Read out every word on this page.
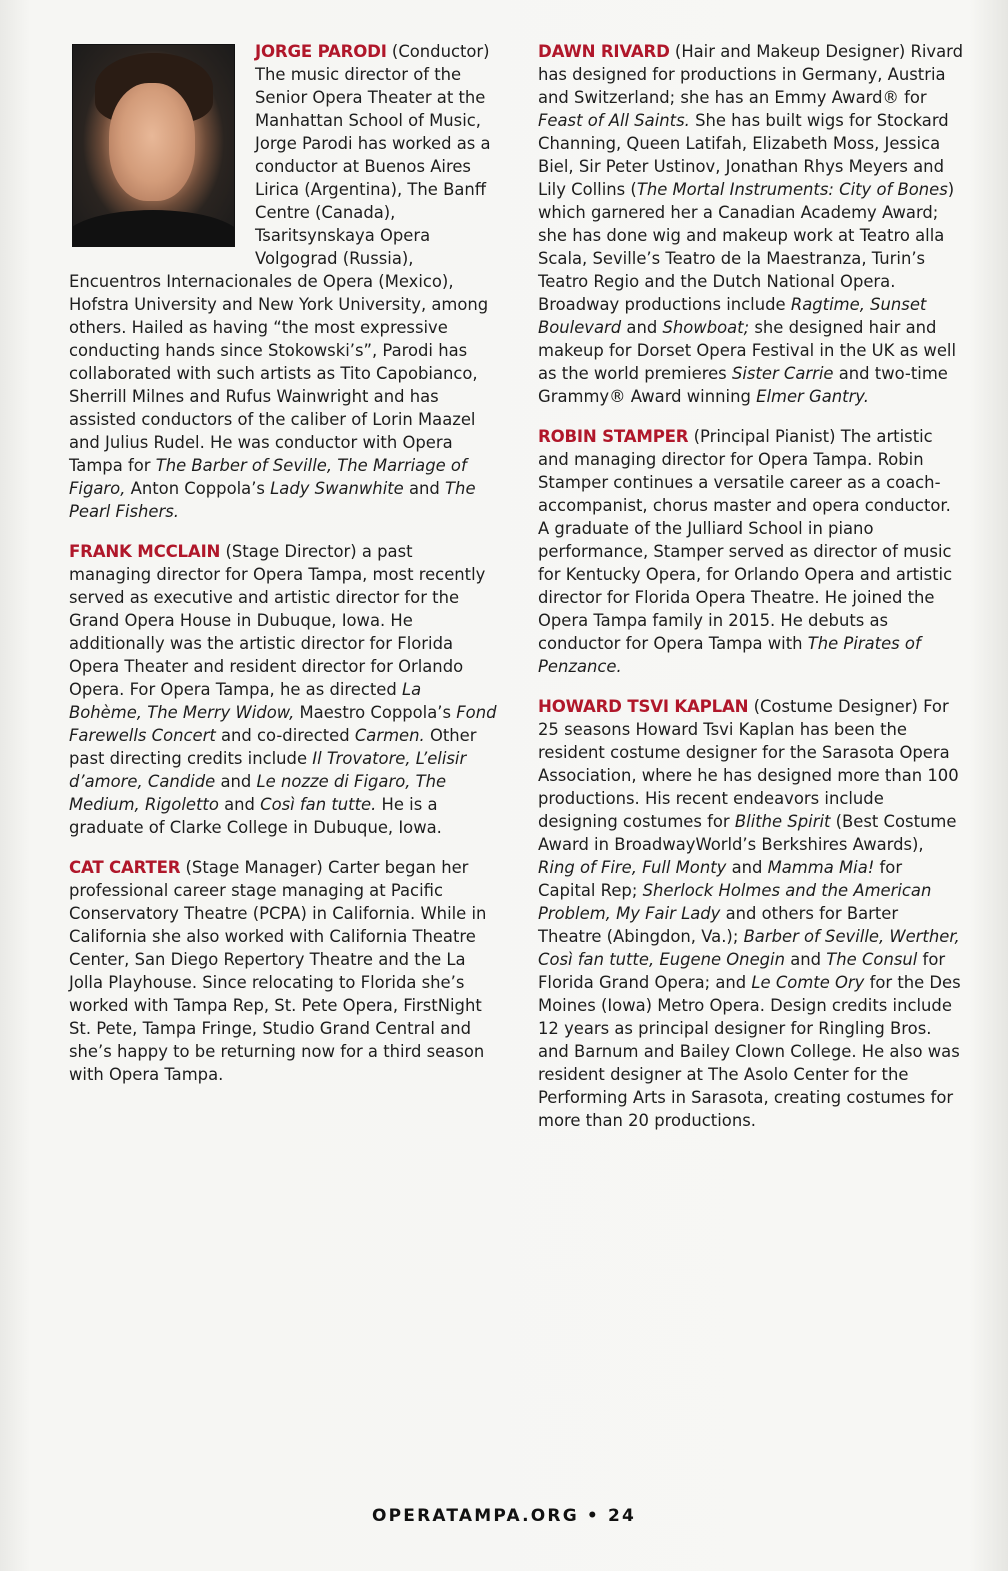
JORGE PARODI (Conductor) The music director of the Senior Opera Theater at the Manhattan School of Music, Jorge Parodi has worked as a conductor at Buenos Aires Lirica (Argentina), The Banff Centre (Canada), Tsaritsynskaya Opera Volgograd (Russia), Encuentros Internacionales de Opera (Mexico), Hofstra University and New York University, among others. Hailed as having “the most expressive conducting hands since Stokowski’s”, Parodi has collaborated with such artists as Tito Capobianco, Sherrill Milnes and Rufus Wainwright and has assisted conductors of the caliber of Lorin Maazel and Julius Rudel. He was conductor with Opera Tampa for The Barber of Seville, The Marriage of Figaro, Anton Coppola’s Lady Swanwhite and The Pearl Fishers.

FRANK MCCLAIN (Stage Director) a past managing director for Opera Tampa, most recently served as executive and artistic director for the Grand Opera House in Dubuque, Iowa. He additionally was the artistic director for Florida Opera Theater and resident director for Orlando Opera. For Opera Tampa, he as directed La Bohème, The Merry Widow, Maestro Coppola’s Fond Farewells Concert and co-directed Carmen. Other past directing credits include Il Trovatore, L’elisir d’amore, Candide and Le nozze di Figaro, The Medium, Rigoletto and Così fan tutte. He is a graduate of Clarke College in Dubuque, Iowa.

CAT CARTER (Stage Manager) Carter began her professional career stage managing at Pacific Conservatory Theatre (PCPA) in California. While in California she also worked with California Theatre Center, San Diego Repertory Theatre and the La Jolla Playhouse. Since relocating to Florida she’s worked with Tampa Rep, St. Pete Opera, FirstNight St. Pete, Tampa Fringe, Studio Grand Central and she’s happy to be returning now for a third season with Opera Tampa.

DAWN RIVARD (Hair and Makeup Designer) Rivard has designed for productions in Germany, Austria and Switzerland; she has an Emmy Award® for Feast of All Saints. She has built wigs for Stockard Channing, Queen Latifah, Elizabeth Moss, Jessica Biel, Sir Peter Ustinov, Jonathan Rhys Meyers and Lily Collins (The Mortal Instruments: City of Bones) which garnered her a Canadian Academy Award; she has done wig and makeup work at Teatro alla Scala, Seville’s Teatro de la Maestranza, Turin’s Teatro Regio and the Dutch National Opera. Broadway productions include Ragtime, Sunset Boulevard and Showboat; she designed hair and makeup for Dorset Opera Festival in the UK as well as the world premieres Sister Carrie and two-time Grammy® Award winning Elmer Gantry.

ROBIN STAMPER (Principal Pianist) The artistic and managing director for Opera Tampa. Robin Stamper continues a versatile career as a coach-accompanist, chorus master and opera conductor. A graduate of the Julliard School in piano performance, Stamper served as director of music for Kentucky Opera, for Orlando Opera and artistic director for Florida Opera Theatre. He joined the Opera Tampa family in 2015. He debuts as conductor for Opera Tampa with The Pirates of Penzance.

HOWARD TSVI KAPLAN (Costume Designer) For 25 seasons Howard Tsvi Kaplan has been the resident costume designer for the Sarasota Opera Association, where he has designed more than 100 productions. His recent endeavors include designing costumes for Blithe Spirit (Best Costume Award in BroadwayWorld’s Berkshires Awards), Ring of Fire, Full Monty and Mamma Mia! for Capital Rep; Sherlock Holmes and the American Problem, My Fair Lady and others for Barter Theatre (Abingdon, Va.); Barber of Seville, Werther, Così fan tutte, Eugene Onegin and The Consul for Florida Grand Opera; and Le Comte Ory for the Des Moines (Iowa) Metro Opera. Design credits include 12 years as principal designer for Ringling Bros. and Barnum and Bailey Clown College. He also was resident designer at The Asolo Center for the Performing Arts in Sarasota, creating costumes for more than 20 productions.

OPERATAMPA.ORG • 24
